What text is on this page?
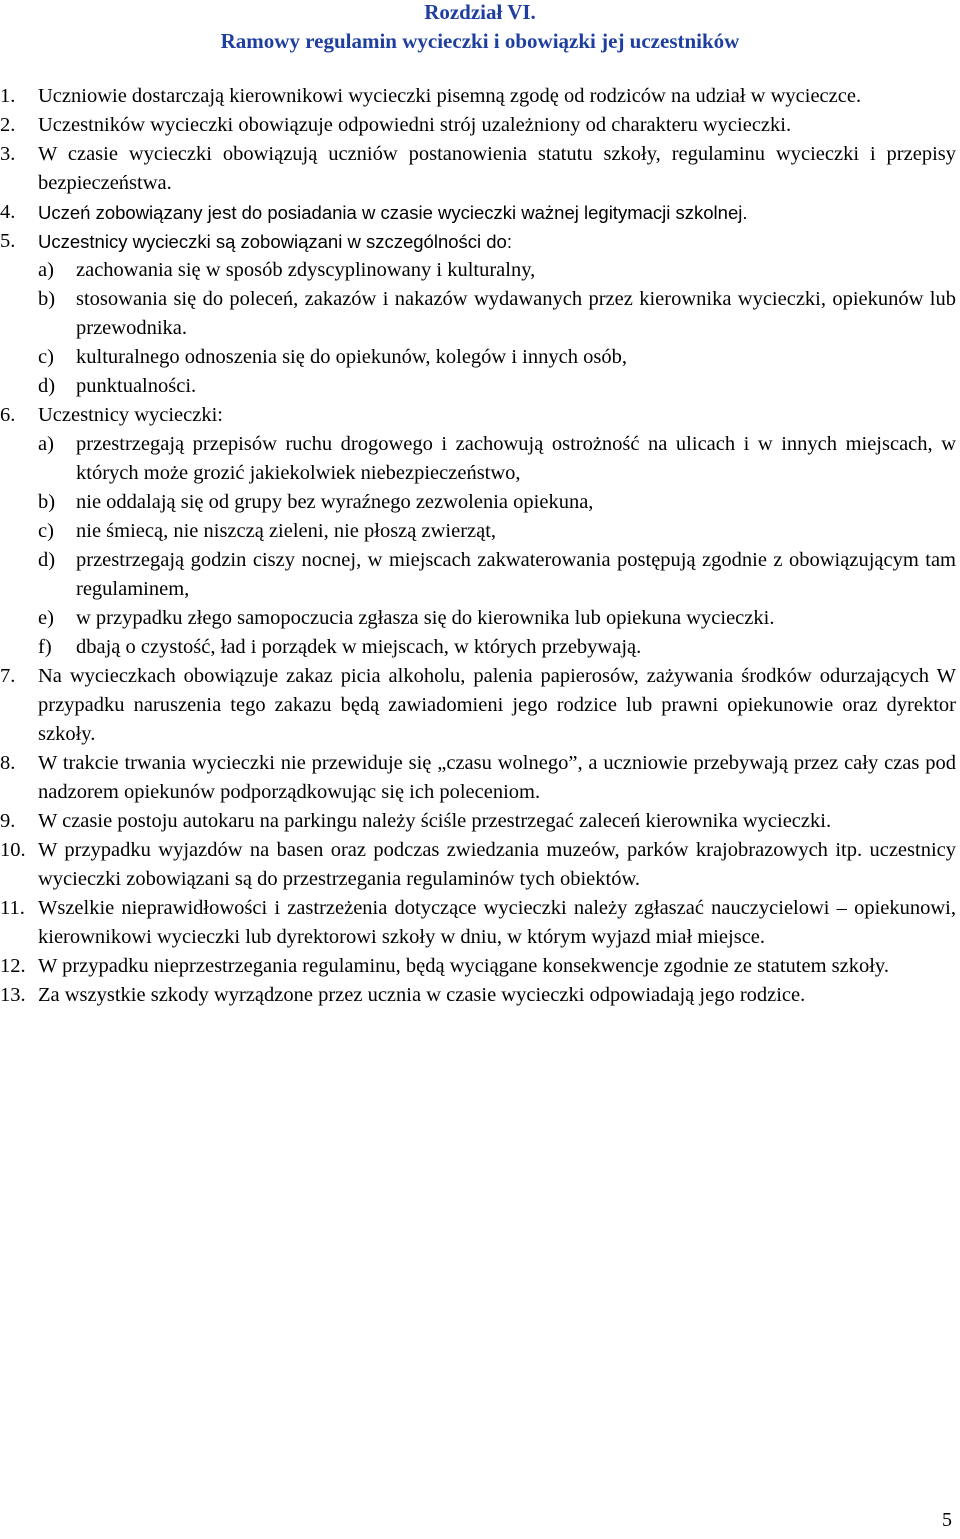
Rozdział VI.
Ramowy regulamin wycieczki i obowiązki jej uczestników
1.	Uczniowie dostarczają kierownikowi wycieczki pisemną zgodę od rodziców na udział w wycieczce.
2.	Uczestników wycieczki obowiązuje odpowiedni strój uzależniony od charakteru wycieczki.
3.	W czasie wycieczki obowiązują uczniów postanowienia statutu szkoły, regulaminu wycieczki i przepisy bezpieczeństwa.
4.	Uczeń zobowiązany jest do posiadania w czasie wycieczki ważnej legitymacji szkolnej.
5.	Uczestnicy wycieczki są zobowiązani w szczególności do:
a)	zachowania się w sposób zdyscyplinowany i kulturalny,
b)	stosowania się do poleceń, zakazów i nakazów wydawanych przez kierownika wycieczki, opiekunów lub przewodnika.
c)	kulturalnego odnoszenia się do opiekunów, kolegów i innych osób,
d)	punktualności.
6.	Uczestnicy wycieczki:
a)	przestrzegają przepisów ruchu drogowego i zachowują ostrożność na ulicach i w innych miejscach, w których może grozić jakiekolwiek niebezpieczeństwo,
b)	nie oddalają się od grupy bez wyraźnego zezwolenia opiekuna,
c)	nie śmiecą, nie niszczą zieleni, nie płoszą zwierząt,
d)	przestrzegają godzin ciszy nocnej, w miejscach zakwaterowania postępują zgodnie z obowiązującym tam regulaminem,
e)	w przypadku złego samopoczucia zgłasza się do kierownika lub opiekuna wycieczki.
f)	dbają o czystość, ład i porządek w miejscach, w których przebywają.
7.	Na wycieczkach obowiązuje zakaz picia alkoholu, palenia papierosów, zażywania środków odurzających W przypadku naruszenia tego zakazu będą zawiadomieni jego rodzice lub prawni opiekunowie oraz dyrektor szkoły.
8.	W trakcie trwania wycieczki nie przewiduje się „czasu wolnego”, a uczniowie przebywają przez cały czas pod nadzorem opiekunów podporządkowując się ich poleceniom.
9.	W czasie postoju autokaru na parkingu należy ściśle przestrzegać zaleceń kierownika wycieczki.
10. W przypadku wyjazdów na basen oraz podczas zwiedzania muzeów, parków krajobrazowych itp. uczestnicy wycieczki zobowiązani są do przestrzegania regulaminów tych obiektów.
11. Wszelkie nieprawidłowości i zastrzeżenia dotyczące wycieczki należy zgłaszać nauczycielowi – opiekunowi, kierownikowi wycieczki lub dyrektorowi szkoły w dniu, w którym wyjazd miał miejsce.
12. W przypadku nieprzestrzegania regulaminu, będą wyciągane konsekwencje zgodnie ze statutem szkoły.
13. Za wszystkie szkody wyrządzone przez ucznia w czasie wycieczki odpowiadają jego rodzice.
5
